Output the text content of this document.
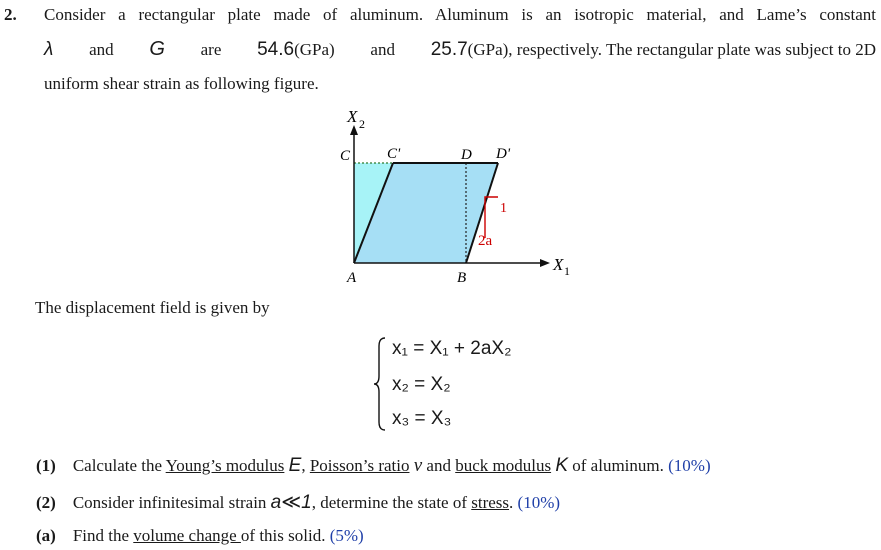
2. Consider a rectangular plate made of aluminum. Aluminum is an isotropic material, and Lame’s constant
λ and G are 54.6(GPa) and 25.7(GPa), respectively. The rectangular plate was subject to 2D
uniform shear strain as following figure.
X 2
X 1
C C'	D D'
A	B
1
2a
The displacement field is given by
x₁ = X₁ + 2aX₂
x₂ = X₂
x₃ = X₃
(1) Calculate the Young’s modulus E, Poisson’s ratio ν and buck modulus K of aluminum. (10%)
(2) Consider infinitesimal strain a≪1, determine the state of stress. (10%)
(a) Find the volume change of this solid. (5%)
